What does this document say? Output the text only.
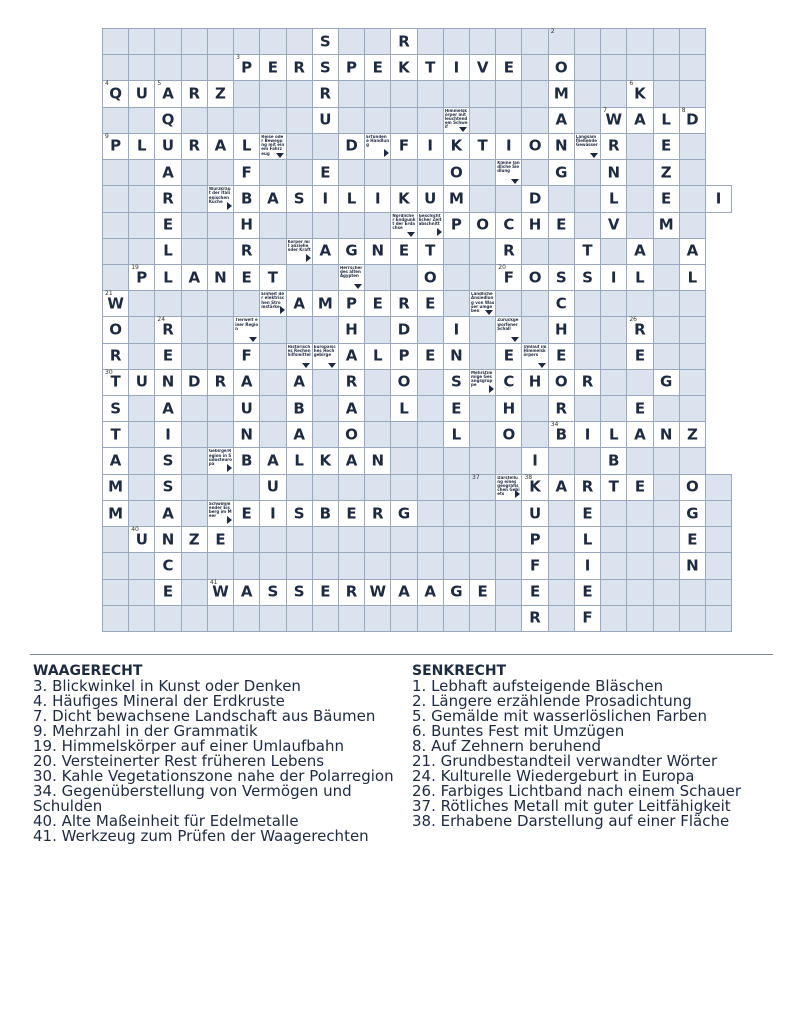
S	R
2
P
3
E	R	S	P	E	K	T	I	V	E	O
Q
4
U A
5
R	Z	R	M	K
6
Q	U
Himmelskörper mit leuchtendem Schweif	A	W
7
A	L	D
8
P
9
L	U R A	L
Reise oder Bewegung mit einem Fahrzeug	D
Erfundene Handlung	F	I	K	T	I	O N
Langsam fließende Gewässer R	E
A	F	E	O
Kleine ländliche Siedlung	G	N	Z
R
Würzkraut der Italienischen Küche	B A	S	I	L	I	K U M	D	L	E	I
E	H
Nördlicher Endpunkt der Erdachse
Geschichtlicher Zeitabschnitt P O C H E	V	M
L	R
Körper mit anziehender Kraft A G N E	T	R	T	A	A
P
19
L	A N E	T
Herrscher des alten Ägypten	O	F
20
O S	S	I	L	L
W
21	Einheit der elektrischen Stromstärke A M P	E	R	E
Ländliche Ansiedlung von Wasser umgeben	C
O	R
24	Tierwelt einer Region	H	D	I
Zurückgeworfener Schall	H	R
26
R	E	F
Historisches Rechenhilfsmittel
Europäisches Hochgebirge A	L	P	E N	E
Umlauf im Himmelskörpers	E	E
T
30
U N D R A	A	R	O	S
Mehrstimmige Gesangsgruppe	C H O R	G
S	A	U	B	A	L	E	H	R	E
T	I	N	A	O	L	O	B
34
I	L	A N Z
A	S
Gebirge/Region in Südosteuropa	B A	L	K A N	I	B
M	S	U
37	Darstellung eines geografischen Gebiets	K
38
A R	T	E	O
M	A
Schwimmender Eisberg im Meer	E	I	S	B	E	R G	U	E	G
U
40
N Z	E	P	L	E
C	F	I	N
E	W
41
A	S	S	E	R W A A G E	E	E
R	F
WAAGERECHT
3. Blickwinkel in Kunst oder Denken
4. Häufiges Mineral der Erdkruste
7. Dicht bewachsene Landschaft aus Bäumen
9. Mehrzahl in der Grammatik
19. Himmelskörper auf einer Umlaufbahn
20. Versteinerter Rest früheren Lebens
30. Kahle Vegetationszone nahe der Polarregion
34. Gegenüberstellung von Vermögen und Schulden
40. Alte Maßeinheit für Edelmetalle
41. Werkzeug zum Prüfen der Waagerechten
SENKRECHT
1. Lebhaft aufsteigende Bläschen
2. Längere erzählende Prosadichtung
5. Gemälde mit wasserlöslichen Farben
6. Buntes Fest mit Umzügen
8. Auf Zehnern beruhend
21. Grundbestandteil verwandter Wörter
24. Kulturelle Wiedergeburt in Europa
26. Farbiges Lichtband nach einem Schauer
37. Rötliches Metall mit guter Leitfähigkeit
38. Erhabene Darstellung auf einer Fläche
